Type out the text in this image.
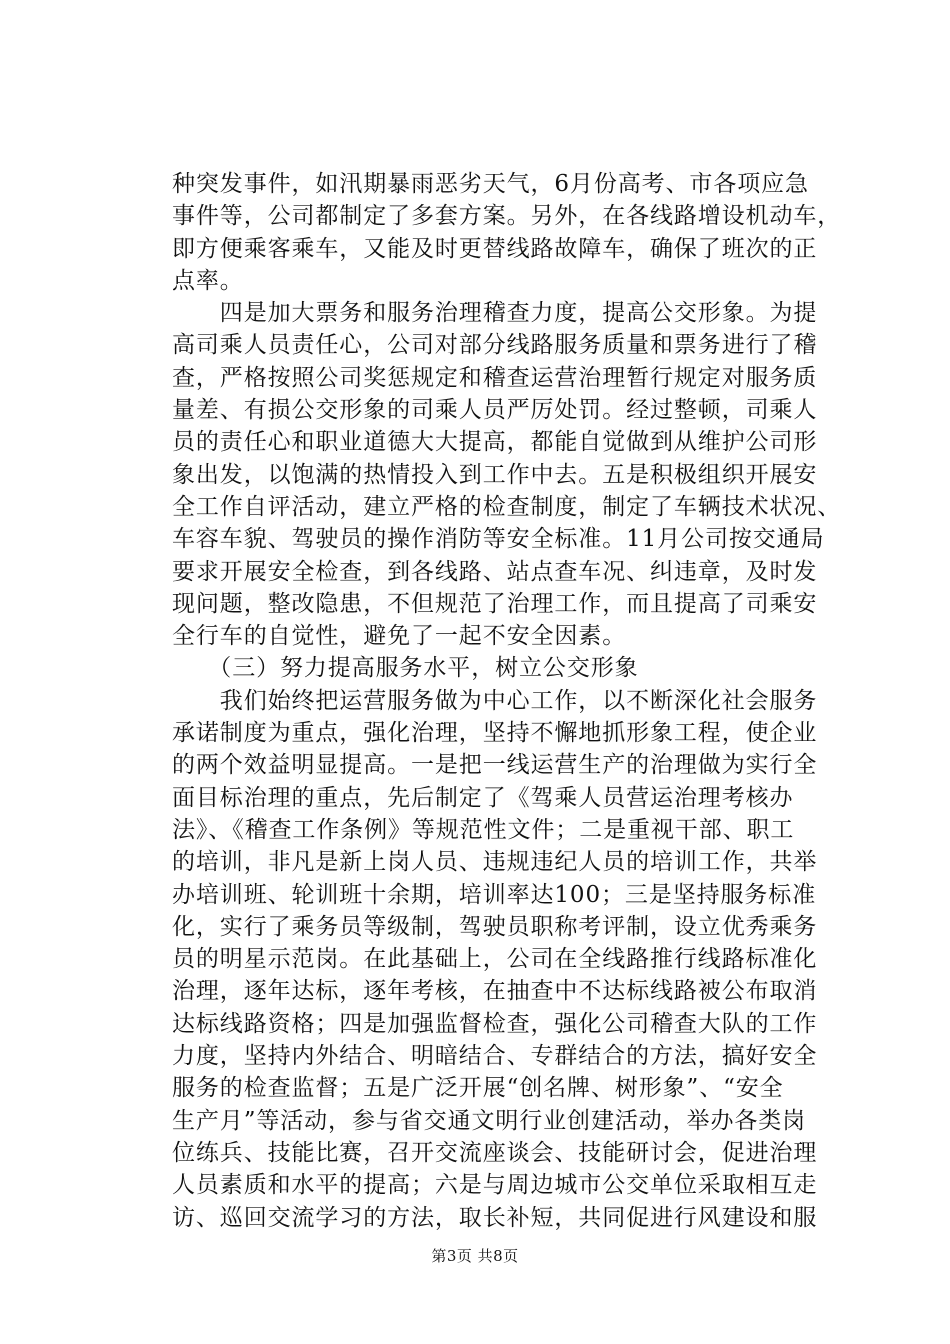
种突发事件，如汛期暴雨恶劣天气，6月份高考、市各项应急
事件等，公司都制定了多套方案。另外，在各线路增设机动车，
即方便乘客乘车，又能及时更替线路故障车，确保了班次的正
点率。
　　四是加大票务和服务治理稽查力度，提高公交形象。为提
高司乘人员责任心，公司对部分线路服务质量和票务进行了稽
查，严格按照公司奖惩规定和稽查运营治理暂行规定对服务质
量差、有损公交形象的司乘人员严厉处罚。经过整顿，司乘人
员的责任心和职业道德大大提高，都能自觉做到从维护公司形
象出发，以饱满的热情投入到工作中去。五是积极组织开展安
全工作自评活动，建立严格的检查制度，制定了车辆技术状况、
车容车貌、驾驶员的操作消防等安全标准。11月公司按交通局
要求开展安全检查，到各线路、站点查车况、纠违章，及时发
现问题，整改隐患，不但规范了治理工作，而且提高了司乘安
全行车的自觉性，避免了一起不安全因素。
　　（三）努力提高服务水平，树立公交形象
　　我们始终把运营服务做为中心工作，以不断深化社会服务
承诺制度为重点，强化治理，坚持不懈地抓形象工程，使企业
的两个效益明显提高。一是把一线运营生产的治理做为实行全
面目标治理的重点，先后制定了《驾乘人员营运治理考核办
法》、《稽查工作条例》等规范性文件；二是重视干部、职工
的培训，非凡是新上岗人员、违规违纪人员的培训工作，共举
办培训班、轮训班十余期，培训率达100；三是坚持服务标准
化，实行了乘务员等级制，驾驶员职称考评制，设立优秀乘务
员的明星示范岗。在此基础上，公司在全线路推行线路标准化
治理，逐年达标，逐年考核，在抽查中不达标线路被公布取消
达标线路资格；四是加强监督检查，强化公司稽查大队的工作
力度，坚持内外结合、明暗结合、专群结合的方法，搞好安全
服务的检查监督；五是广泛开展“创名牌、树形象”、“安全
生产月”等活动，参与省交通文明行业创建活动，举办各类岗
位练兵、技能比赛，召开交流座谈会、技能研讨会，促进治理
人员素质和水平的提高；六是与周边城市公交单位采取相互走
访、巡回交流学习的方法，取长补短，共同促进行风建设和服
第3页 共8页
